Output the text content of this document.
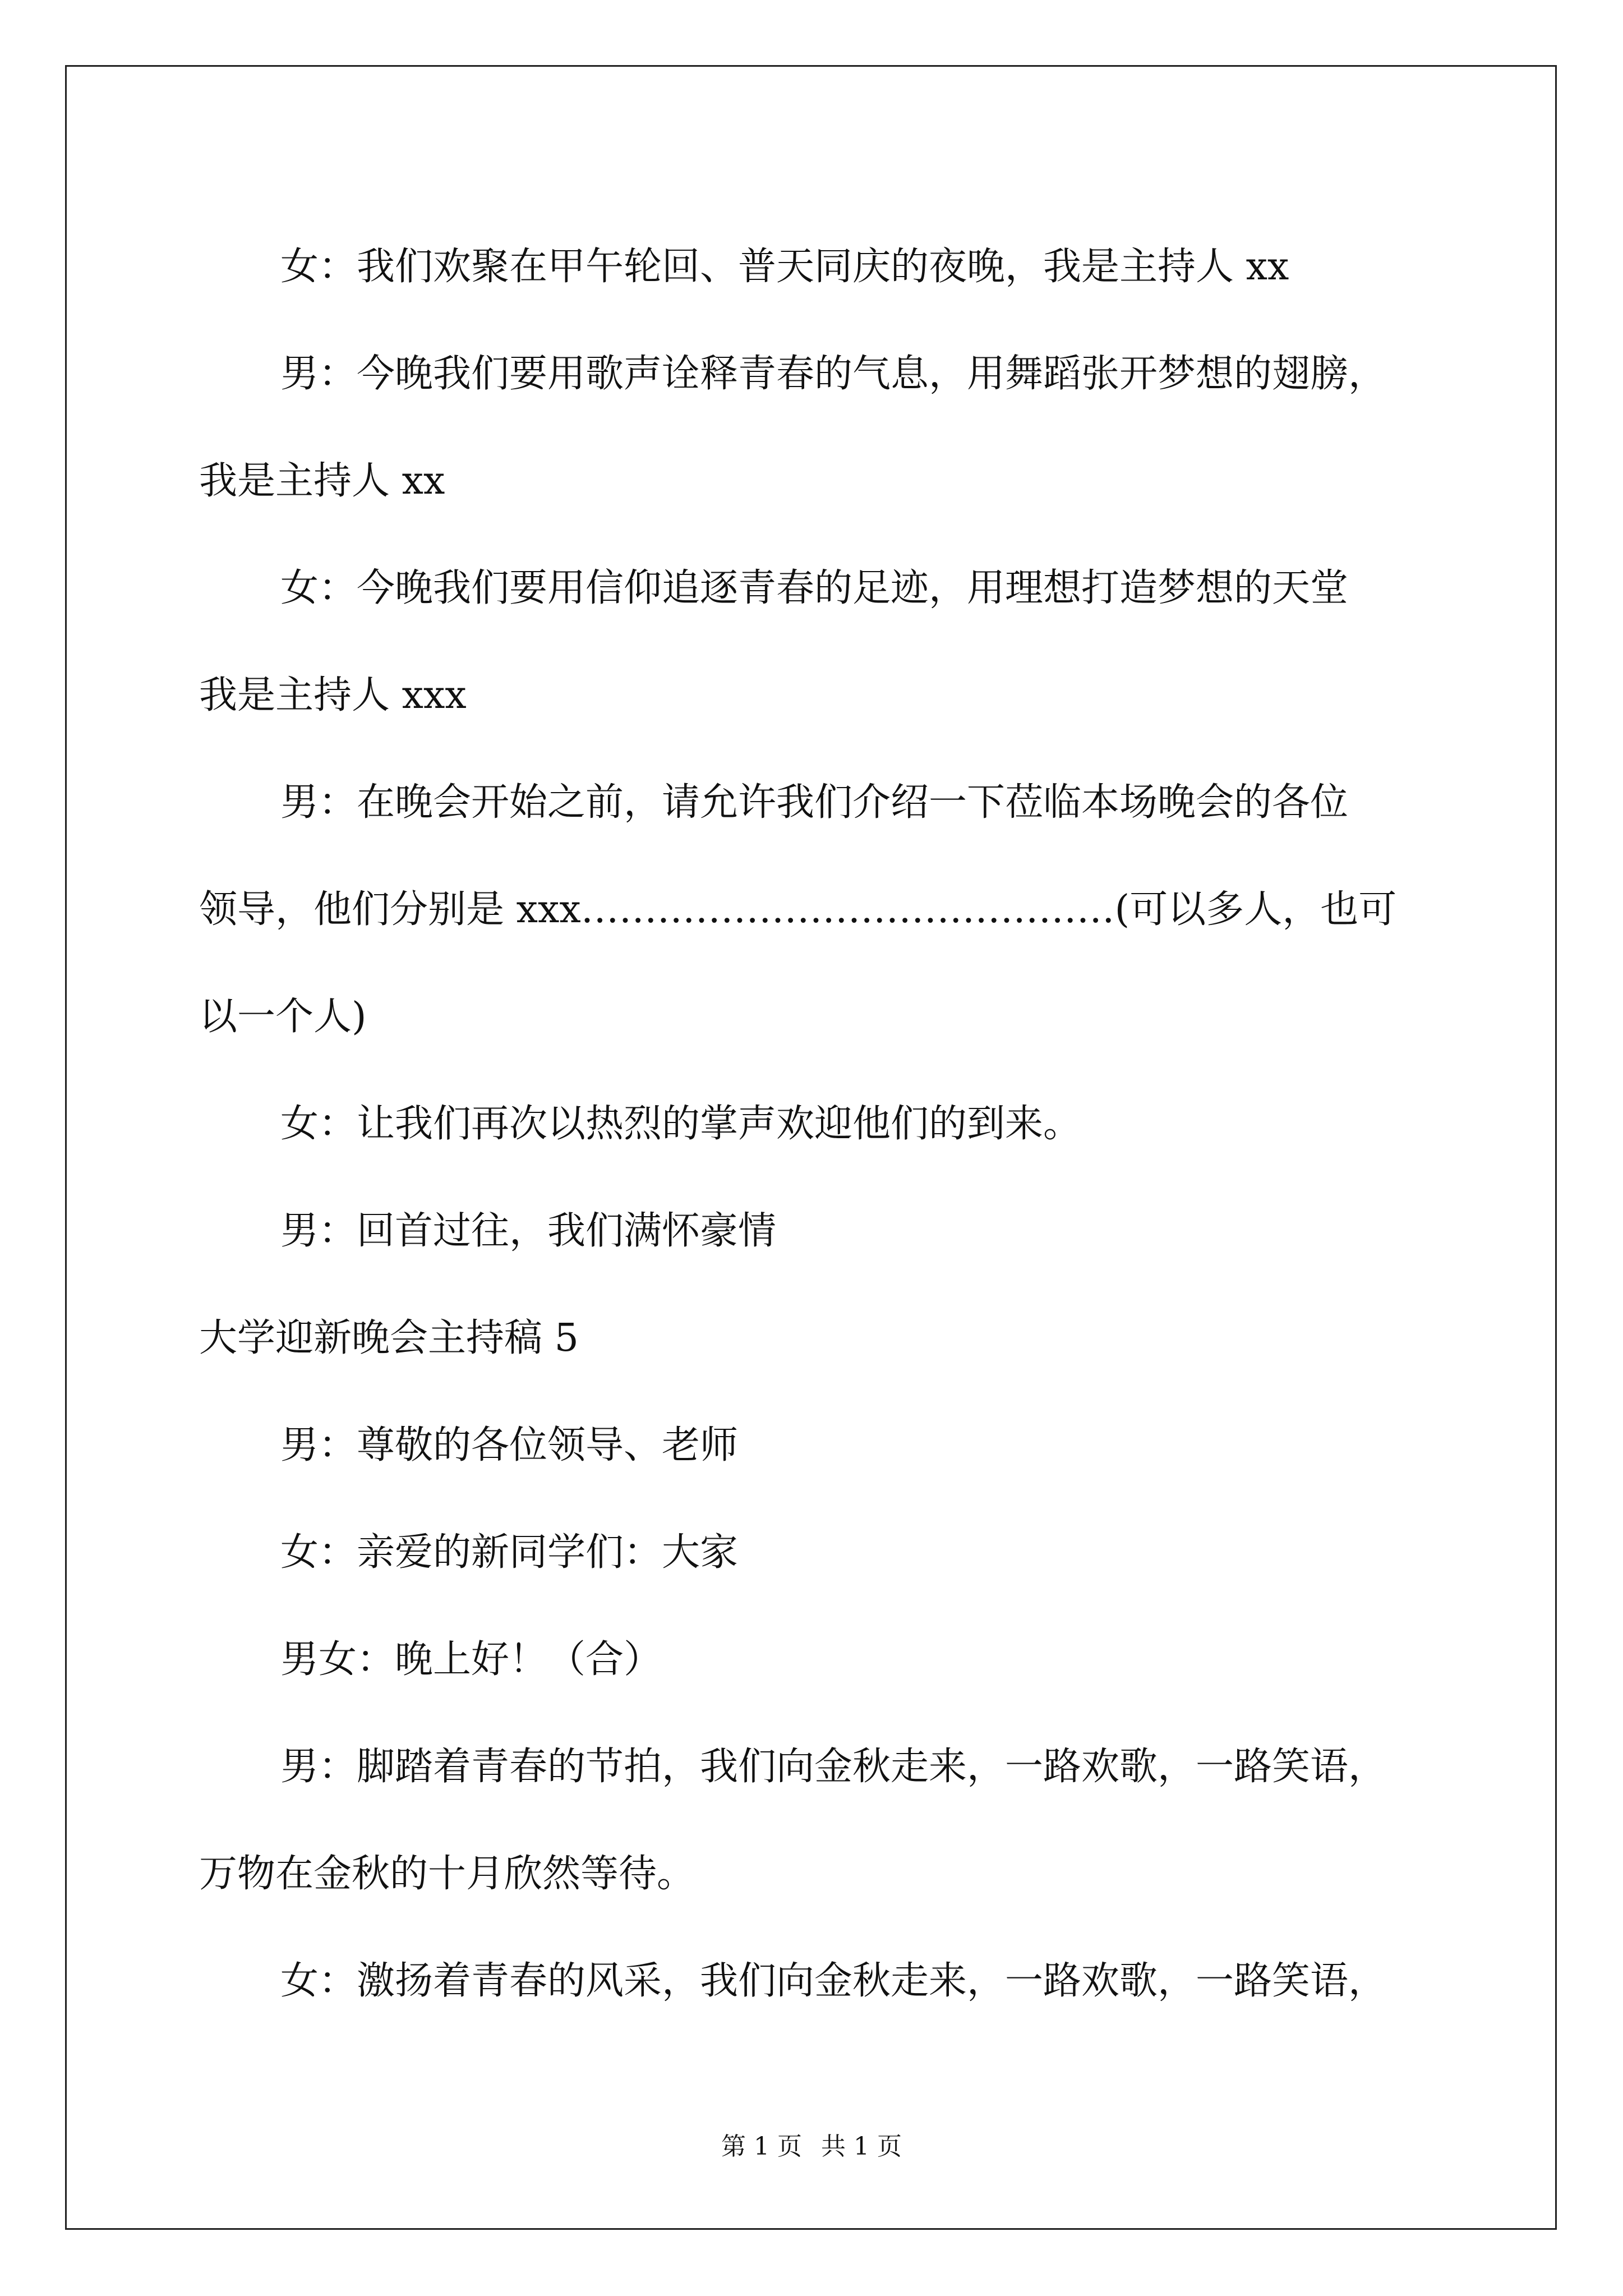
女：我们欢聚在甲午轮回、普天同庆的夜晚，我是主持人 xx

男：今晚我们要用歌声诠释青春的气息，用舞蹈张开梦想的翅膀，

我是主持人 xx

女：今晚我们要用信仰追逐青春的足迹，用理想打造梦想的天堂

我是主持人 xxx

男：在晚会开始之前，请允许我们介绍一下莅临本场晚会的各位

领导，他们分别是 xxx……………………………………(可以多人，也可

以一个人)

女：让我们再次以热烈的掌声欢迎他们的到来。

男：回首过往，我们满怀豪情

大学迎新晚会主持稿 5

男：尊敬的各位领导、老师

女：亲爱的新同学们：大家

男女：晚上好！（合）

男：脚踏着青春的节拍，我们向金秋走来，一路欢歌，一路笑语，

万物在金秋的十月欣然等待。

女：激扬着青春的风采，我们向金秋走来，一路欢歌，一路笑语，

第 1 页 共 1 页
